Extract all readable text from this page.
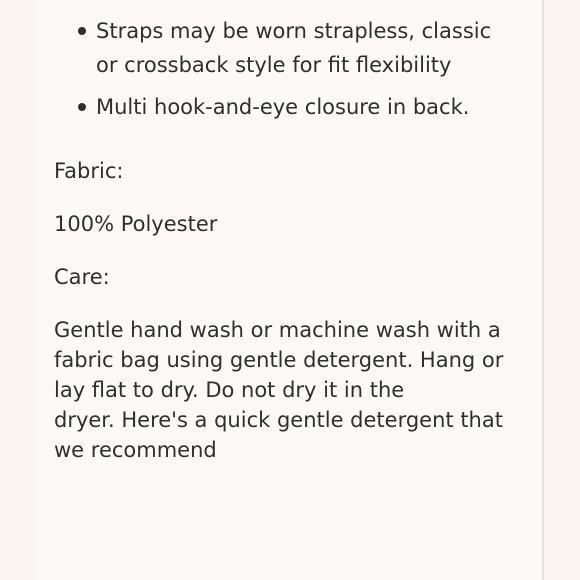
Straps may be worn strapless, classic
or crossback style for fit flexibility
Multi hook-and-eye closure in back.

Fabric:

100% Polyester

Care:

Gentle hand wash or machine wash with a
fabric bag using gentle detergent. Hang or
lay flat to dry. Do not dry it in the
dryer. Here's a quick gentle detergent that
we recommend
